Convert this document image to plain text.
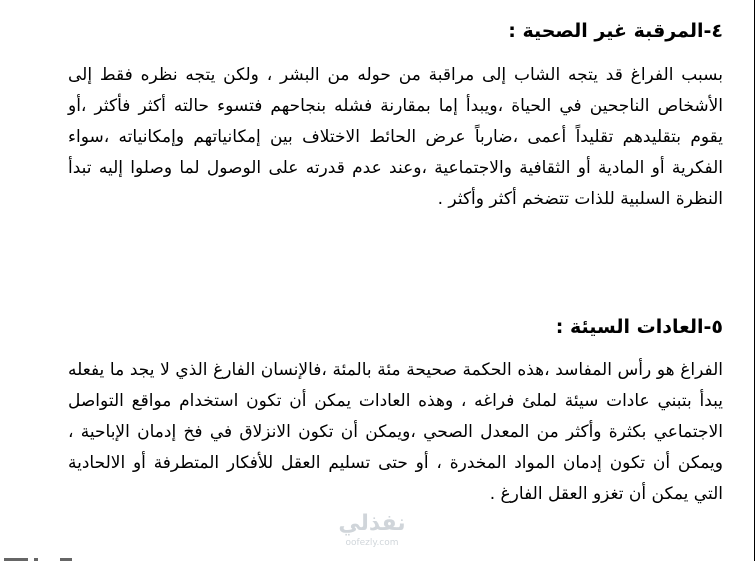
٤-المرقبة غير الصحية :

بسبب الفراغ قد يتجه الشاب إلى مراقبة من حوله من البشر ، ولكن يتجه نظره فقط إلى الأشخاص الناجحين في الحياة ،ويبدأ إما بمقارنة فشله بنجاحهم فتسوء حالته أكثر فأكثر ،أو يقوم بتقليدهم تقليداً أعمى ،ضارباً عرض الحائط الاختلاف بين إمكانياتهم وإمكانياته ،سواء الفكرية أو المادية أو الثقافية والاجتماعية ،وعند عدم قدرته على الوصول لما وصلوا إليه تبدأ النظرة السلبية للذات تتضخم أكثر وأكثر .

٥-العادات السيئة :

الفراغ هو رأس المفاسد ،هذه الحكمة صحيحة مئة بالمئة ،فالإنسان الفارغ الذي لا يجد ما يفعله يبدأ بتبني عادات سيئة لملئ فراغه ، وهذه العادات يمكن أن تكون استخدام مواقع التواصل الاجتماعي بكثرة وأكثر من المعدل الصحي ،ويمكن أن تكون الانزلاق في فخ إدمان الإباحية ، ويمكن أن تكون إدمان المواد المخدرة ، أو حتى تسليم العقل للأفكار المتطرفة أو الالحادية التي يمكن أن تغزو العقل الفارغ .

نفذلي
oofezly.com
